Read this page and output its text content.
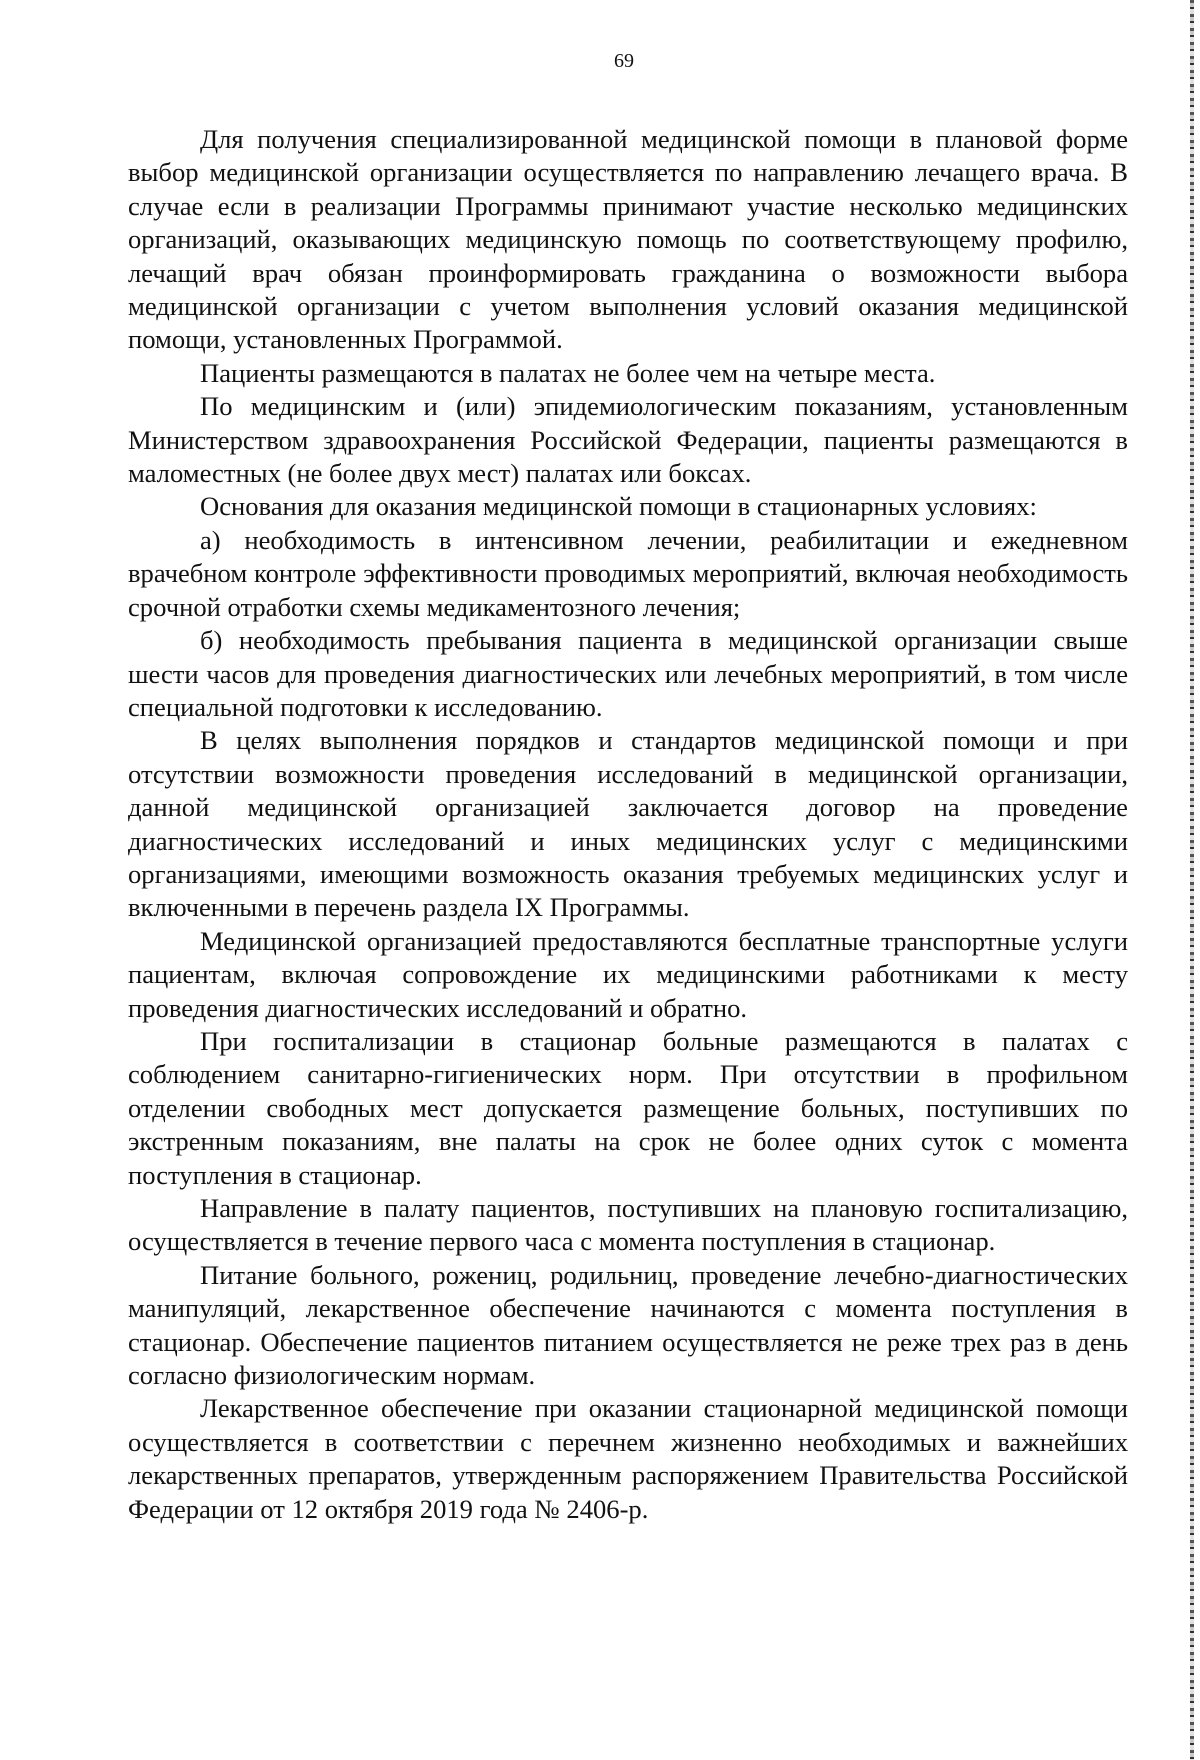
69

Для получения специализированной медицинской помощи в плановой форме выбор медицинской организации осуществляется по направлению лечащего врача. В случае если в реализации Программы принимают участие несколько медицинских организаций, оказывающих медицинскую помощь по соответствующему профилю, лечащий врач обязан проинформировать гражданина о возможности выбора медицинской организации с учетом выполнения условий оказания медицинской помощи, установленных Программой.

Пациенты размещаются в палатах не более чем на четыре места.

По медицинским и (или) эпидемиологическим показаниям, установленным Министерством здравоохранения Российской Федерации, пациенты размещаются в маломестных (не более двух мест) палатах или боксах.

Основания для оказания медицинской помощи в стационарных условиях:

а) необходимость в интенсивном лечении, реабилитации и ежедневном врачебном контроле эффективности проводимых мероприятий, включая необходимость срочной отработки схемы медикаментозного лечения;

б) необходимость пребывания пациента в медицинской организации свыше шести часов для проведения диагностических или лечебных мероприятий, в том числе специальной подготовки к исследованию.

В целях выполнения порядков и стандартов медицинской помощи и при отсутствии возможности проведения исследований в медицинской организации, данной медицинской организацией заключается договор на проведение диагностических исследований и иных медицинских услуг с медицинскими организациями, имеющими возможность оказания требуемых медицинских услуг и включенными в перечень раздела IX Программы.

Медицинской организацией предоставляются бесплатные транспортные услуги пациентам, включая сопровождение их медицинскими работниками к месту проведения диагностических исследований и обратно.

При госпитализации в стационар больные размещаются в палатах с соблюдением санитарно-гигиенических норм. При отсутствии в профильном отделении свободных мест допускается размещение больных, поступивших по экстренным показаниям, вне палаты на срок не более одних суток с момента поступления в стационар.

Направление в палату пациентов, поступивших на плановую госпитализацию, осуществляется в течение первого часа с момента поступления в стационар.

Питание больного, рожениц, родильниц, проведение лечебно-диагностических манипуляций, лекарственное обеспечение начинаются с момента поступления в стационар. Обеспечение пациентов питанием осуществляется не реже трех раз в день согласно физиологическим нормам.

Лекарственное обеспечение при оказании стационарной медицинской помощи осуществляется в соответствии с перечнем жизненно необходимых и важнейших лекарственных препаратов, утвержденным распоряжением Правительства Российской Федерации от 12 октября 2019 года № 2406-р.
